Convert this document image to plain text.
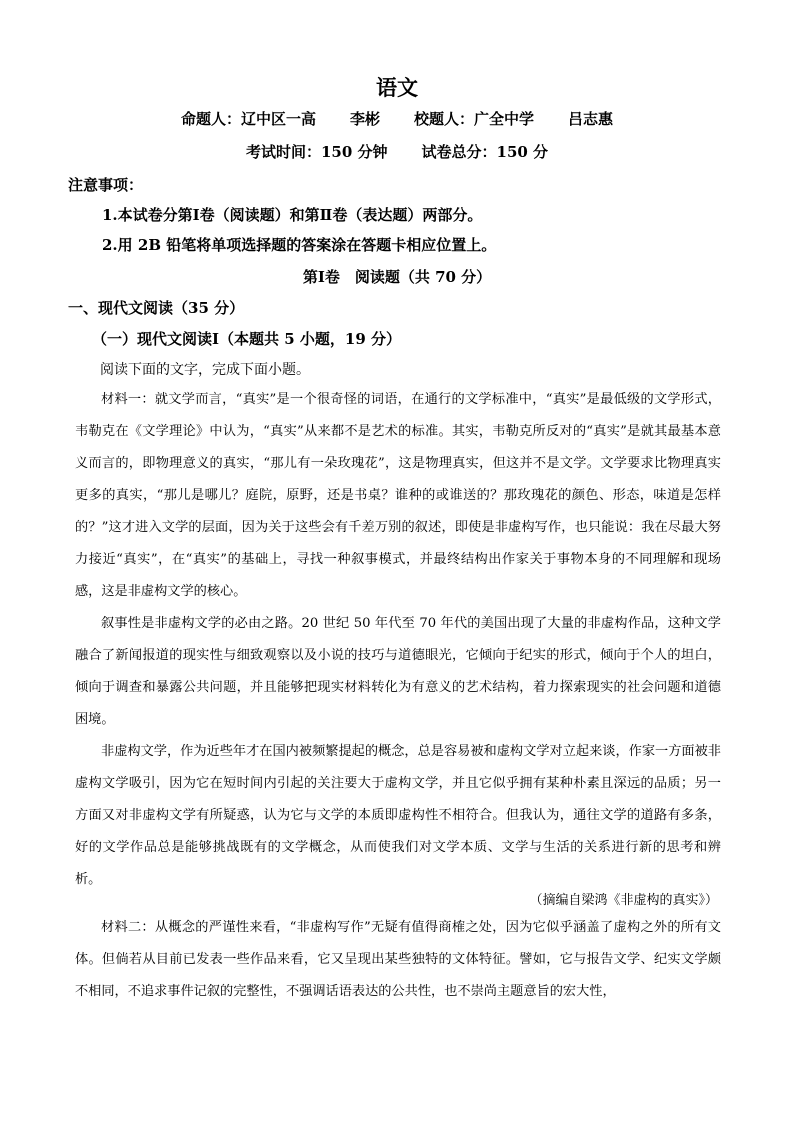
语文
命题人：辽中区一高 李彬 校题人：广全中学 吕志惠
考试时间：150 分钟 试卷总分：150 分
注意事项：
1.本试卷分第Ⅰ卷（阅读题）和第Ⅱ卷（表达题）两部分。
2.用 2B 铅笔将单项选择题的答案涂在答题卡相应位置上。
第Ⅰ卷　阅读题（共 70 分）
一、现代文阅读（35 分）
（一）现代文阅读Ⅰ（本题共 5 小题，19 分）
阅读下面的文字，完成下面小题。

材料一：就文学而言，“真实”是一个很奇怪的词语，在通行的文学标准中，“真实”是最低级的文学形式，韦勒克在《文学理论》中认为，“真实”从来都不是艺术的标准。其实，韦勒克所反对的“真实”是就其最基本意义而言的，即物理意义的真实，“那儿有一朵玫瑰花”，这是物理真实，但这并不是文学。文学要求比物理真实更多的真实，“那儿是哪儿？庭院，原野，还是书桌？谁种的或谁送的？那玫瑰花的颜色、形态，味道是怎样的？”这才进入文学的层面，因为关于这些会有千差万别的叙述，即使是非虚构写作，也只能说：我在尽最大努力接近“真实”，在“真实”的基础上，寻找一种叙事模式，并最终结构出作家关于事物本身的不同理解和现场感，这是非虚构文学的核心。

叙事性是非虚构文学的必由之路。20 世纪 50 年代至 70 年代的美国出现了大量的非虚构作品，这种文学融合了新闻报道的现实性与细致观察以及小说的技巧与道德眼光，它倾向于纪实的形式，倾向于个人的坦白，倾向于调查和暴露公共问题，并且能够把现实材料转化为有意义的艺术结构，着力探索现实的社会问题和道德困境。

非虚构文学，作为近些年才在国内被频繁提起的概念，总是容易被和虚构文学对立起来谈，作家一方面被非虚构文学吸引，因为它在短时间内引起的关注要大于虚构文学，并且它似乎拥有某种朴素且深远的品质；另一方面又对非虚构文学有所疑惑，认为它与文学的本质即虚构性不相符合。但我认为，通往文学的道路有多条，好的文学作品总是能够挑战既有的文学概念，从而使我们对文学本质、文学与生活的关系进行新的思考和辨析。

（摘编自梁鸿《非虚构的真实》）

材料二：从概念的严谨性来看，“非虚构写作”无疑有值得商榷之处，因为它似乎涵盖了虚构之外的所有文体。但倘若从目前已发表一些作品来看，它又呈现出某些独特的文体特征。譬如，它与报告文学、纪实文学颇不相同，不追求事件记叙的完整性，不强调话语表达的公共性，也不崇尚主题意旨的宏大性，
